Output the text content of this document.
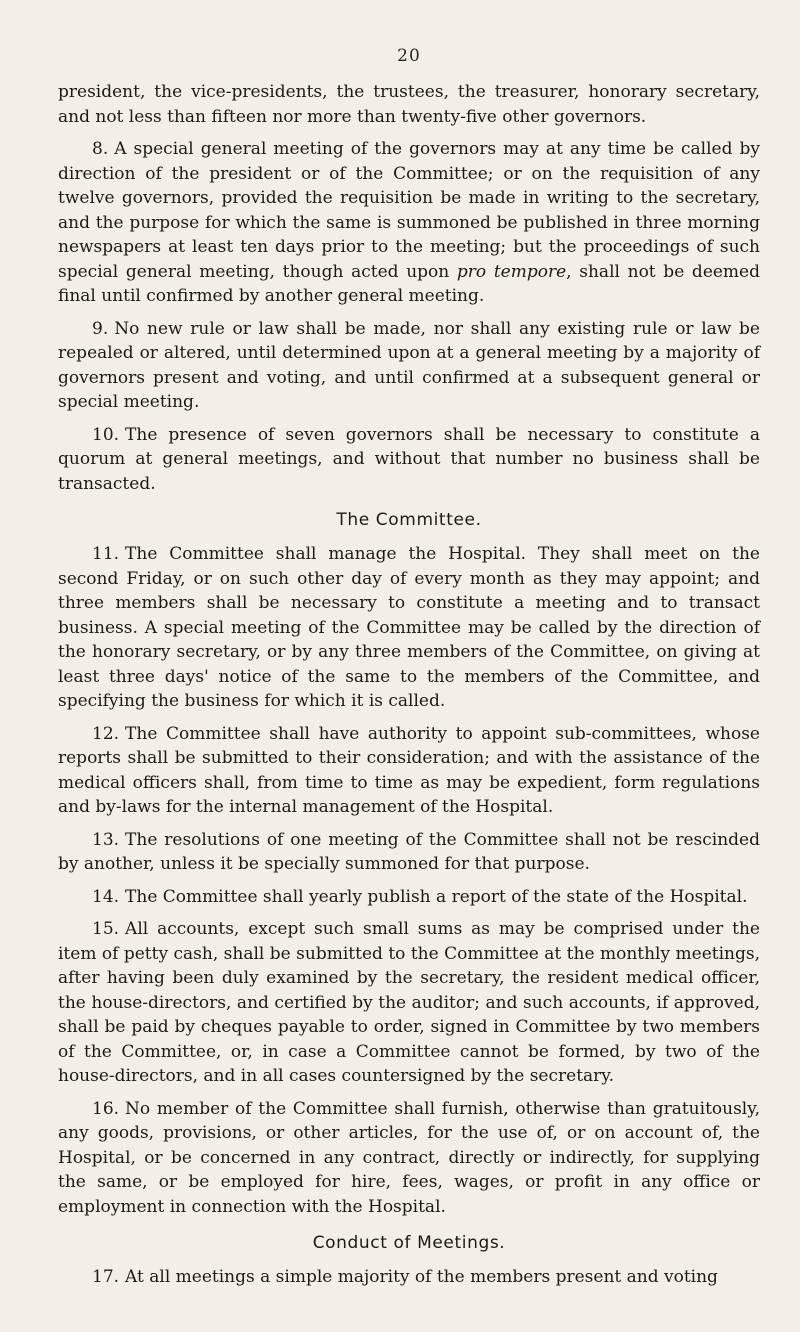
20

president, the vice-presidents, the trustees, the treasurer, honorary secretary, and not less than fifteen nor more than twenty-five other governors.

8. A special general meeting of the governors may at any time be called by direction of the president or of the Committee; or on the requisition of any twelve governors, provided the requisition be made in writing to the secretary, and the purpose for which the same is summoned be published in three morning newspapers at least ten days prior to the meeting; but the proceedings of such special general meeting, though acted upon pro tempore, shall not be deemed final until confirmed by another general meeting.

9. No new rule or law shall be made, nor shall any existing rule or law be repealed or altered, until determined upon at a general meeting by a majority of governors present and voting, and until confirmed at a subsequent general or special meeting.

10. The presence of seven governors shall be necessary to constitute a quorum at general meetings, and without that number no business shall be transacted.

The Committee.

11. The Committee shall manage the Hospital. They shall meet on the second Friday, or on such other day of every month as they may appoint; and three members shall be necessary to constitute a meeting and to transact business. A special meeting of the Committee may be called by the direction of the honorary secretary, or by any three members of the Committee, on giving at least three days' notice of the same to the members of the Committee, and specifying the business for which it is called.

12. The Committee shall have authority to appoint sub-committees, whose reports shall be submitted to their consideration; and with the assistance of the medical officers shall, from time to time as may be expedient, form regulations and by-laws for the internal management of the Hospital.

13. The resolutions of one meeting of the Committee shall not be rescinded by another, unless it be specially summoned for that purpose.

14. The Committee shall yearly publish a report of the state of the Hospital.

15. All accounts, except such small sums as may be comprised under the item of petty cash, shall be submitted to the Committee at the monthly meetings, after having been duly examined by the secretary, the resident medical officer, the house-directors, and certified by the auditor; and such accounts, if approved, shall be paid by cheques payable to order, signed in Committee by two members of the Committee, or, in case a Committee cannot be formed, by two of the house-directors, and in all cases countersigned by the secretary.

16. No member of the Committee shall furnish, otherwise than gratuitously, any goods, provisions, or other articles, for the use of, or on account of, the Hospital, or be concerned in any contract, directly or indirectly, for supplying the same, or be employed for hire, fees, wages, or profit in any office or employment in connection with the Hospital.

Conduct of Meetings.

17. At all meetings a simple majority of the members present and voting
